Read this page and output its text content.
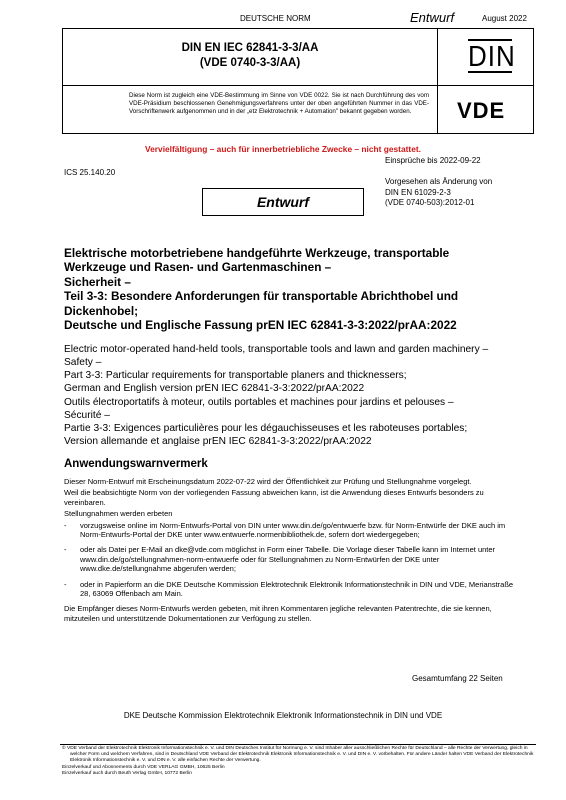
DEUTSCHE NORM	Entwurf	August 2022
DIN EN IEC 62841-3-3/AA
(VDE 0740-3-3/AA)	DIN
Diese Norm ist zugleich eine VDE-Bestimmung im Sinne von VDE 0022. Sie ist nach Durchführung des vom VDE-Präsidium beschlossenen Genehmigungsverfahrens unter der oben angeführten Nummer in das VDE-Vorschriftenwerk aufgenommen und in der „etz Elektrotechnik + Automation" bekannt gegeben worden.	VDE
Vervielfältigung – auch für innerbetriebliche Zwecke – nicht gestattet.
Einsprüche bis 2022-09-22
ICS 25.140.20
Vorgesehen als Änderung von
DIN EN 61029-2-3
(VDE 0740-503):2012-01
Entwurf
Elektrische motorbetriebene handgeführte Werkzeuge, transportable
Werkzeuge und Rasen- und Gartenmaschinen –
Sicherheit –
Teil 3-3: Besondere Anforderungen für transportable Abrichthobel und
Dickenhobel;
Deutsche und Englische Fassung prEN IEC 62841-3-3:2022/prAA:2022
Electric motor-operated hand-held tools, transportable tools and lawn and garden machinery –
Safety –
Part 3-3: Particular requirements for transportable planers and thicknessers;
German and English version prEN IEC 62841-3-3:2022/prAA:2022
Outils électroportatifs à moteur, outils portables et machines pour jardins et pelouses –
Sécurité –
Partie 3-3: Exigences particulières pour les dégauchisseuses et les raboteuses portables;
Version allemande et anglaise prEN IEC 62841-3-3:2022/prAA:2022
Anwendungswarnvermerk

Dieser Norm-Entwurf mit Erscheinungsdatum 2022-07-22 wird der Öffentlichkeit zur Prüfung und Stellungnahme vorgelegt.

Weil die beabsichtigte Norm von der vorliegenden Fassung abweichen kann, ist die Anwendung dieses Entwurfs besonders zu vereinbaren.

Stellungnahmen werden erbeten

- vorzugsweise online im Norm-Entwurfs-Portal von DIN unter www.din.de/go/entwuerfe bzw. für Norm-Entwürfe der DKE auch im Norm-Entwurfs-Portal der DKE unter www.entwuerfe.normenbibliothek.de, sofern dort wiedergegeben;
- oder als Datei per E-Mail an dke@vde.com möglichst in Form einer Tabelle. Die Vorlage dieser Tabelle kann im Internet unter www.din.de/go/stellungnahmen-norm-entwuerfe oder für Stellungnahmen zu Norm-Entwürfen der DKE unter www.dke.de/stellungnahme abgerufen werden;
- oder in Papierform an die DKE Deutsche Kommission Elektrotechnik Elektronik Informationstechnik in DIN und VDE, Merianstraße 28, 63069 Offenbach am Main.

Die Empfänger dieses Norm-Entwurfs werden gebeten, mit ihren Kommentaren jegliche relevanten Patentrechte, die sie kennen, mitzuteilen und unterstützende Dokumentationen zur Verfügung zu stellen.

Gesamtumfang 22 Seiten
DKE Deutsche Kommission Elektrotechnik Elektronik Informationstechnik in DIN und VDE
© VDE Verband der Elektrotechnik Elektronik Informationstechnik e. V. und DIN Deutsches Institut für Normung e. V. sind Inhaber aller ausschließlichen Rechte für Deutschland – alle Rechte der Verwertung, gleich in welcher Form und welchem Verfahren, sind in Deutschland VDE Verband der Elektrotechnik Elektronik Informationstechnik e. V. und DIN e. V. vorbehalten. Für andere Länder halten VDE Verband der Elektrotechnik Elektronik Informationstechnik e. V. und DIN e. V. alle einfachen Rechte der Verwertung.
Einzelverkauf und Abonnements durch VDE VERLAG GMBH, 10625 Berlin
Einzelverkauf auch durch Beuth Verlag GmbH, 10772 Berlin
